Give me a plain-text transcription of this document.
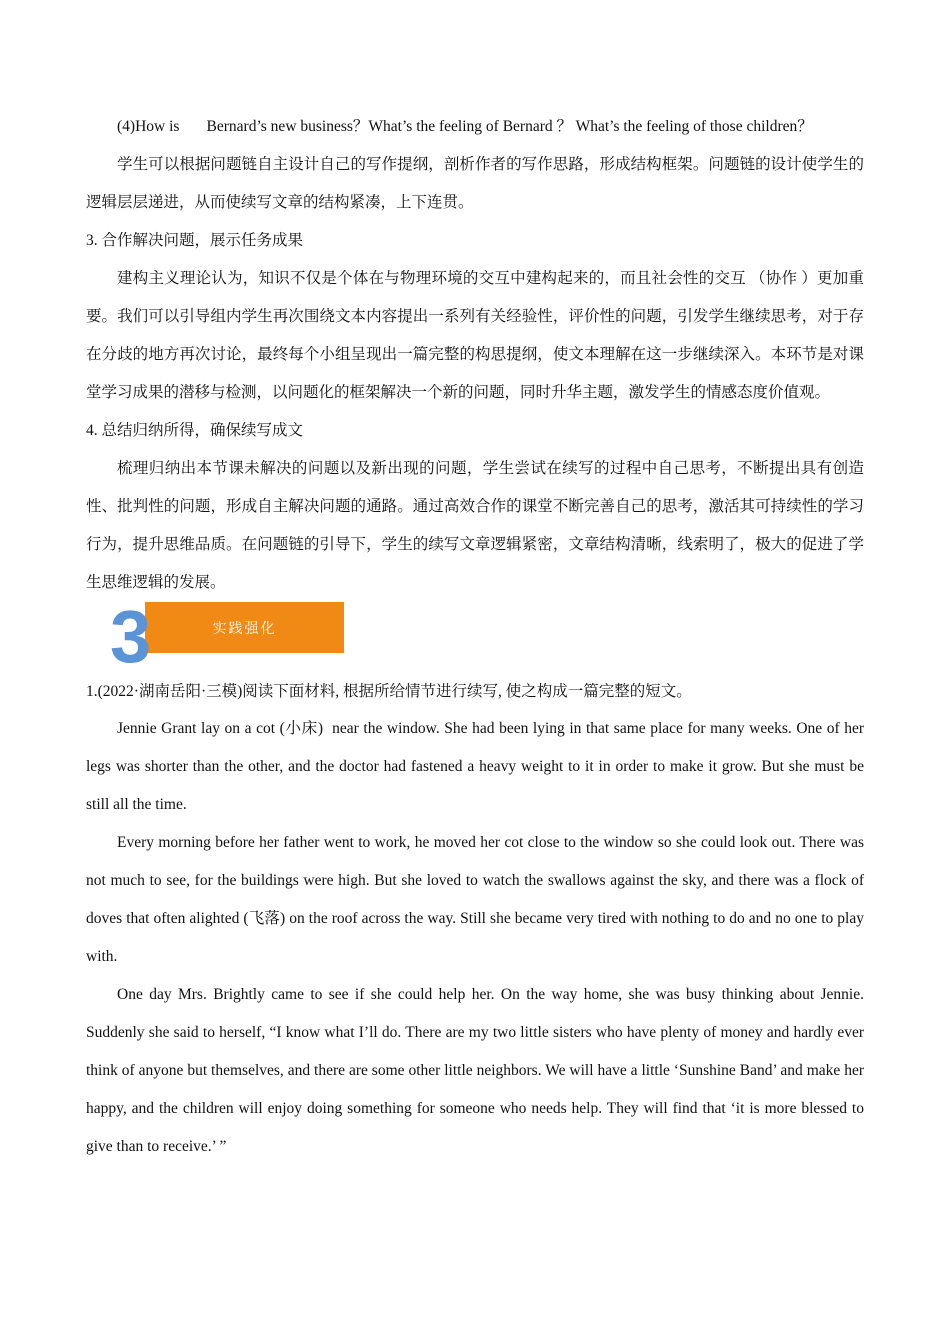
(4)How is       Bernard’s new business？What’s the feeling of Bernard ？ What’s the feeling of those children？

学生可以根据问题链自主设计自己的写作提纲，剖析作者的写作思路，形成结构框架。问题链的设计使学生的逻辑层层递进，从而使续写文章的结构紧凑，上下连贯。

3. 合作解决问题，展示任务成果

建构主义理论认为，知识不仅是个体在与物理环境的交互中建构起来的，而且社会性的交互 （协作 ）更加重要。我们可以引导组内学生再次围绕文本内容提出一系列有关经验性，评价性的问题，引发学生继续思考，对于存在分歧的地方再次讨论，最终每个小组呈现出一篇完整的构思提纲，使文本理解在这一步继续深入。本环节是对课堂学习成果的潜移与检测，以问题化的框架解决一个新的问题，同时升华主题，激发学生的情感态度价值观。

4. 总结归纳所得，确保续写成文

梳理归纳出本节课未解决的问题以及新出现的问题，学生尝试在续写的过程中自己思考，不断提出具有创造性、批判性的问题，形成自主解决问题的通路。通过高效合作的课堂不断完善自己的思考，激活其可持续性的学习行为，提升思维品质。在问题链的引导下，学生的续写文章逻辑紧密，文章结构清晰，线索明了，极大的促进了学生思维逻辑的发展。

实践强化
3

1.(2022·湖南岳阳·三模)阅读下面材料, 根据所给情节进行续写, 使之构成一篇完整的短文。

Jennie Grant lay on a cot (小床)  near the window. She had been lying in that same place for many weeks. One of her legs was shorter than the other, and the doctor had fastened a heavy weight to it in order to make it grow. But she must be still all the time.

Every morning before her father went to work, he moved her cot close to the window so she could look out. There was not much to see, for the buildings were high. But she loved to watch the swallows against the sky, and there was a flock of doves that often alighted (飞落) on the roof across the way. Still she became very tired with nothing to do and no one to play with.

One day Mrs. Brightly came to see if she could help her. On the way home, she was busy thinking about Jennie. Suddenly she said to herself, “I know what I’ll do. There are my two little sisters who have plenty of money and hardly ever think of anyone but themselves, and there are some other little neighbors. We will have a little ‘Sunshine Band’ and make her happy, and the children will enjoy doing something for someone who needs help. They will find that ‘it is more blessed to give than to receive.’ ”
